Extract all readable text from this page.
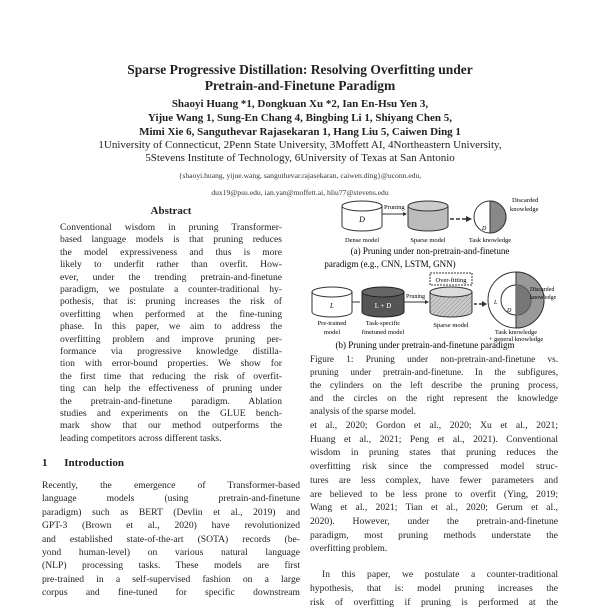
Sparse Progressive Distillation: Resolving Overfitting under
Pretrain-and-Finetune Paradigm
Shaoyi Huang *1, Dongkuan Xu *2, Ian En-Hsu Yen 3,
Yijue Wang 1, Sung-En Chang 4, Bingbing Li 1, Shiyang Chen 5,
Mimi Xie 6, Sanguthevar Rajasekaran 1, Hang Liu 5, Caiwen Ding 1
1University of Connecticut, 2Penn State University, 3Moffett AI, 4Northeastern University,
5Stevens Institute of Technology, 6University of Texas at San Antonio
{shaoyi.huang, yijue.wang, sanguthevar.rajasekaran, caiwen.ding}@uconn.edu,
dux19@psu.edu, ian.yan@moffett.ai, hliu77@stevens.edu
Abstract
Conventional wisdom in pruning Transformer-
based language models is that pruning reduces
the model expressiveness and thus is more
likely to underfit rather than overfit. How-
ever, under the trending pretrain-and-finetune
paradigm, we postulate a counter-traditional hy-
pothesis, that is: pruning increases the risk of
overfitting when performed at the fine-tuning
phase. In this paper, we aim to address the
overfitting problem and improve pruning per-
formance via progressive knowledge distilla-
tion with error-bound properties. We show for
the first time that reducing the risk of overfit-
ting can help the effectiveness of pruning under
the pretrain-and-finetune paradigm. Ablation
studies and experiments on the GLUE bench-
mark show that our method outperforms the
leading competitors across different tasks.
1 Introduction
Recently, the emergence of Transformer-based
language models (using pretrain-and-finetune
paradigm) such as BERT (Devlin et al., 2019) and
GPT-3 (Brown et al., 2020) have revolutionized
and established state-of-the-art (SOTA) records (be-
yond human-level) on various natural language
(NLP) processing tasks. These models are first
pre-trained in a self-supervised fashion on a large
corpus and fine-tuned for specific downstream
D
Pruning
D
Discarded
knowledge
Dense model	Sparse model	Task knowledge
(a) Pruning under non-pretrain-and-finetune
paradigm (e.g., CNN, LSTM, GNN)
Over-fitting
L	L + D
Pruning
L
D
Discarded
knowledge
Pre-trained
model
Task-specific
finetuned model
Sparse model
Task knowledge
+ general knowledge
(b) Pruning under pretrain-and-finetune paradigm
Figure 1: Pruning under non-pretrain-and-finetune vs.
pruning under pretrain-and-finetune. In the subfigures,
the cylinders on the left describe the pruning process,
and the circles on the right represent the knowledge
analysis of the sparse model.
et al., 2020; Gordon et al., 2020; Xu et al., 2021;
Huang et al., 2021; Peng et al., 2021). Conventional
wisdom in pruning states that pruning reduces the
overfitting risk since the compressed model struc-
tures are less complex, have fewer parameters and
are believed to be less prone to overfit (Ying, 2019;
Wang et al., 2021; Tian et al., 2020; Gerum et al.,
2020). However, under the pretrain-and-finetune
paradigm, most pruning methods understate the
overfitting problem.
In this paper, we postulate a counter-traditional
hypothesis, that is: model pruning increases the
risk of overfitting if pruning is performed at the
